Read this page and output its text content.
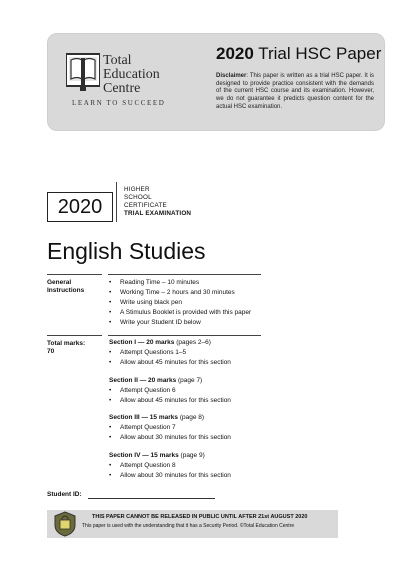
Total
Education
Centre
LEARN TO SUCCEED
2020 Trial HSC Paper
Disclaimer: This paper is written as a trial HSC paper. It is designed to provide practice consistent with the demands of the current HSC course and its examination. However, we do not guarantee it predicts question content for the actual HSC examination.
2020
HIGHER
SCHOOL
CERTIFICATE
TRIAL EXAMINATION
English Studies
General
Instructions
• Reading Time – 10 minutes
• Working Time – 2 hours and 30 minutes
• Write using black pen
• A Stimulus Booklet is provided with this paper
• Write your Student ID below
Total marks:
70
Section I — 20 marks (pages 2–6)
• Attempt Questions 1–5
• Allow about 45 minutes for this section
Section II — 20 marks (page 7)
• Attempt Question 6
• Allow about 45 minutes for this section
Section III — 15 marks (page 8)
• Attempt Question 7
• Allow about 30 minutes for this section
Section IV — 15 marks (page 9)
• Attempt Question 8
• Allow about 30 minutes for this section
Student ID:
THIS PAPER CANNOT BE RELEASED IN PUBLIC UNTIL AFTER 21st AUGUST 2020
This paper is used with the understanding that it has a Security Period. ©Total Education Centre
